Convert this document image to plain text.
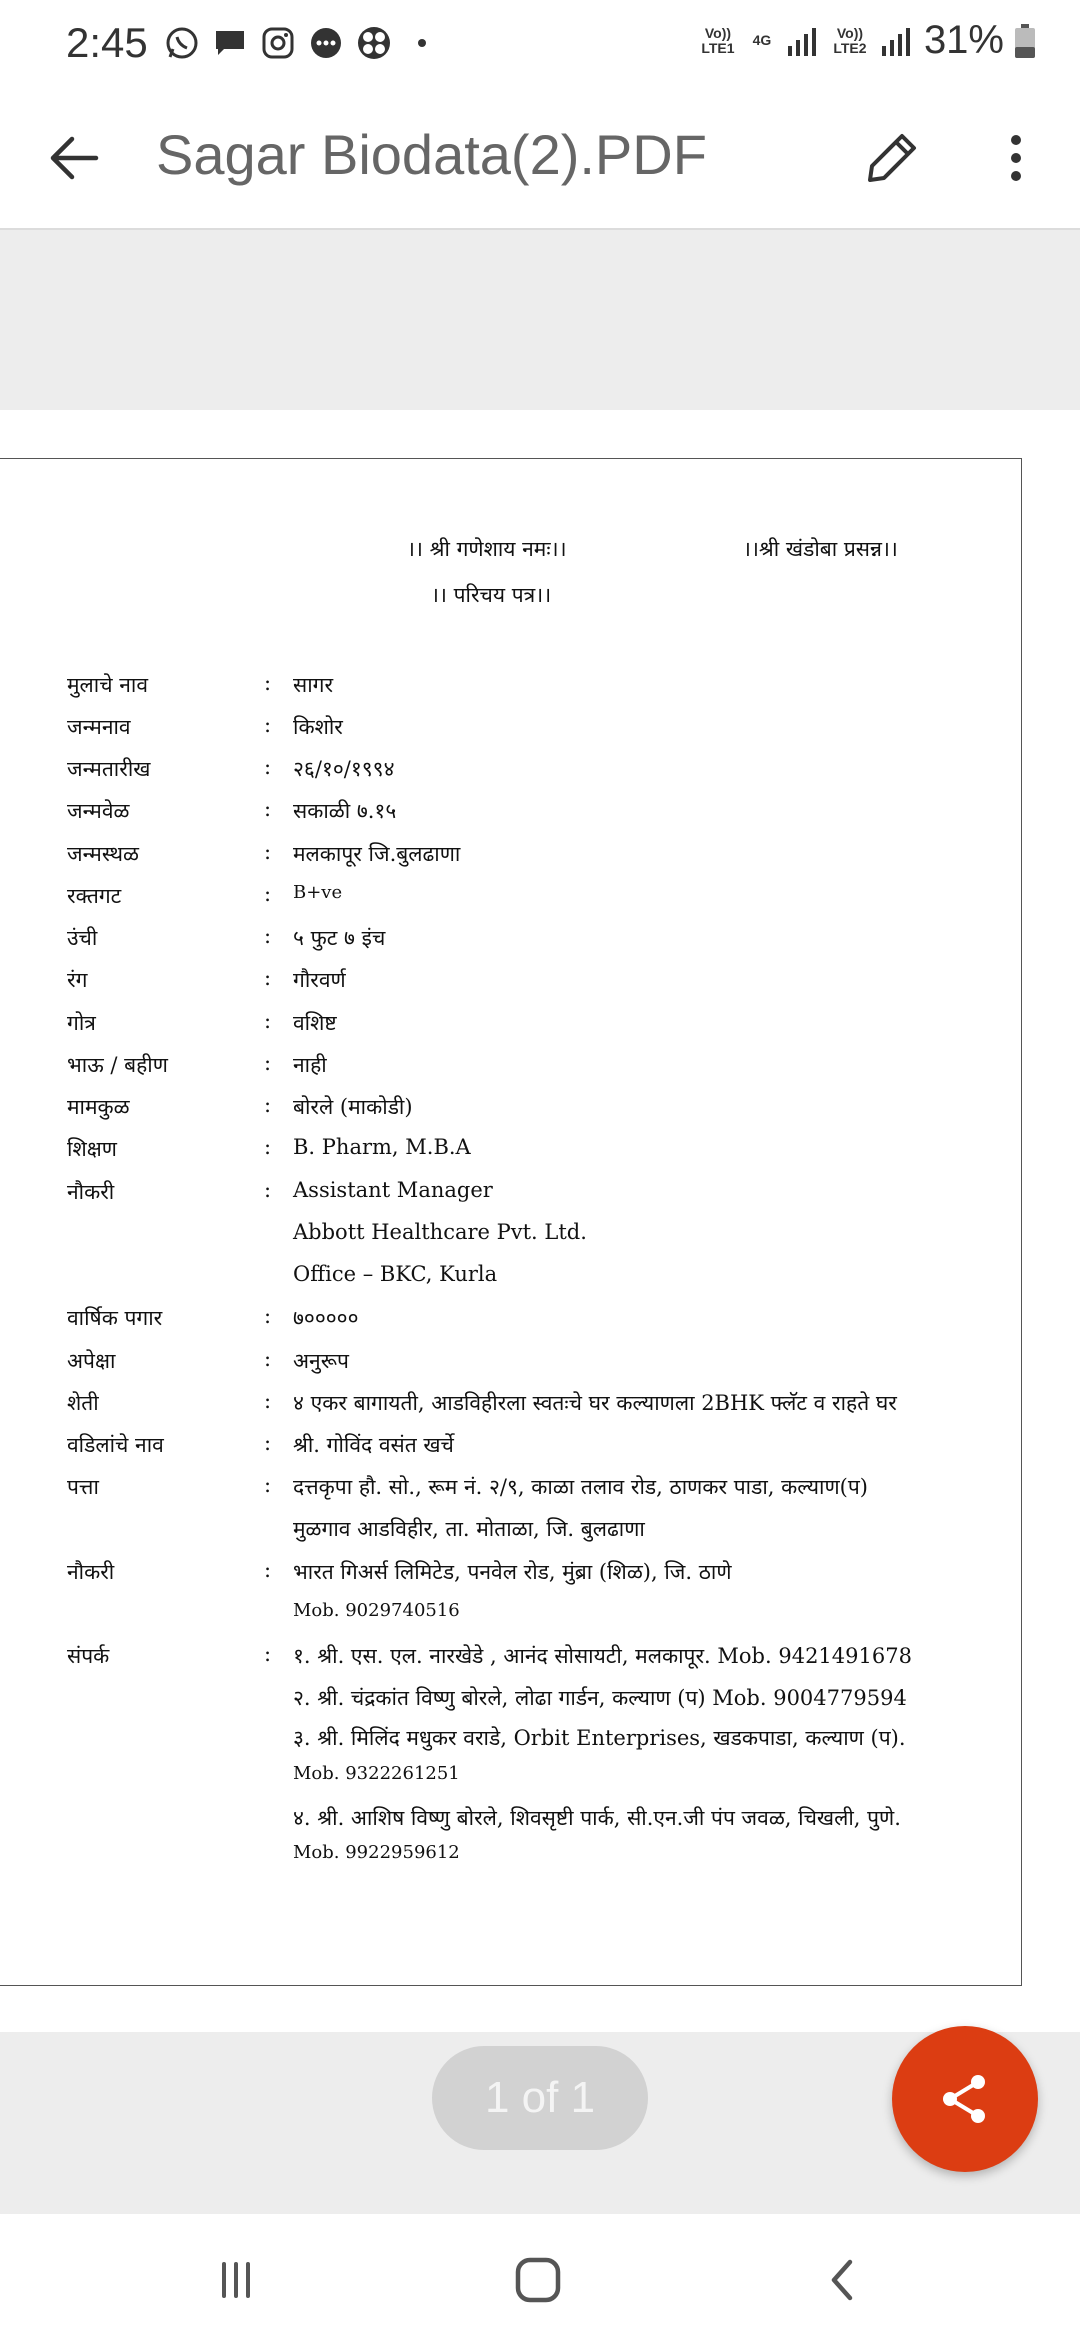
2:45	Vo)) LTE1	4G	Vo)) LTE2 31%
Sagar Biodata(2).PDF
।। श्री गणेशाय नमः।।	।।श्री खंडोबा प्रसन्न।।
।। परिचय पत्र।।
मुलाचे नाव	: सागर
जन्मनाव	: किशोर
जन्मतारीख	: २६/१०/१९९४
जन्मवेळ	: सकाळी ७.१५
जन्मस्थळ	: मलकापूर जि.बुलढाणा
रक्तगट	: B+ve
उंची	: ५ फुट ७ इंच
रंग	: गौरवर्ण
गोत्र	: वशिष्ट
भाऊ / बहीण	: नाही
मामकुळ	: बोरले (माकोडी)
शिक्षण	: B. Pharm, M.B.A
नौकरी	: Assistant Manager
Abbott Healthcare Pvt. Ltd.
Office – BKC, Kurla
वार्षिक पगार	: ७०००००
अपेक्षा	: अनुरूप
शेती	: ४ एकर बागायती, आडविहीरला स्वतःचे घर कल्याणला 2BHK फ्लॅट व राहते घर
वडिलांचे नाव	: श्री. गोविंद वसंत खर्चे
पत्ता	: दत्तकृपा हौ. सो., रूम नं. २/९, काळा तलाव रोड, ठाणकर पाडा, कल्याण(प)
मुळगाव आडविहीर, ता. मोताळा, जि. बुलढाणा
नौकरी	: भारत गिअर्स लिमिटेड, पनवेल रोड, मुंब्रा (शिळ), जि. ठाणे
Mob. 9029740516
संपर्क	: १. श्री. एस. एल. नारखेडे , आनंद सोसायटी, मलकापूर. Mob. 9421491678
२. श्री. चंद्रकांत विष्णु बोरले, लोढा गार्डन, कल्याण (प) Mob. 9004779594
३. श्री. मिलिंद मधुकर वराडे, Orbit Enterprises, खडकपाडा, कल्याण (प).
Mob. 9322261251
४. श्री. आशिष विष्णु बोरले, शिवसृष्टी पार्क, सी.एन.जी पंप जवळ, चिखली, पुणे.
Mob. 9922959612
1 of 1
